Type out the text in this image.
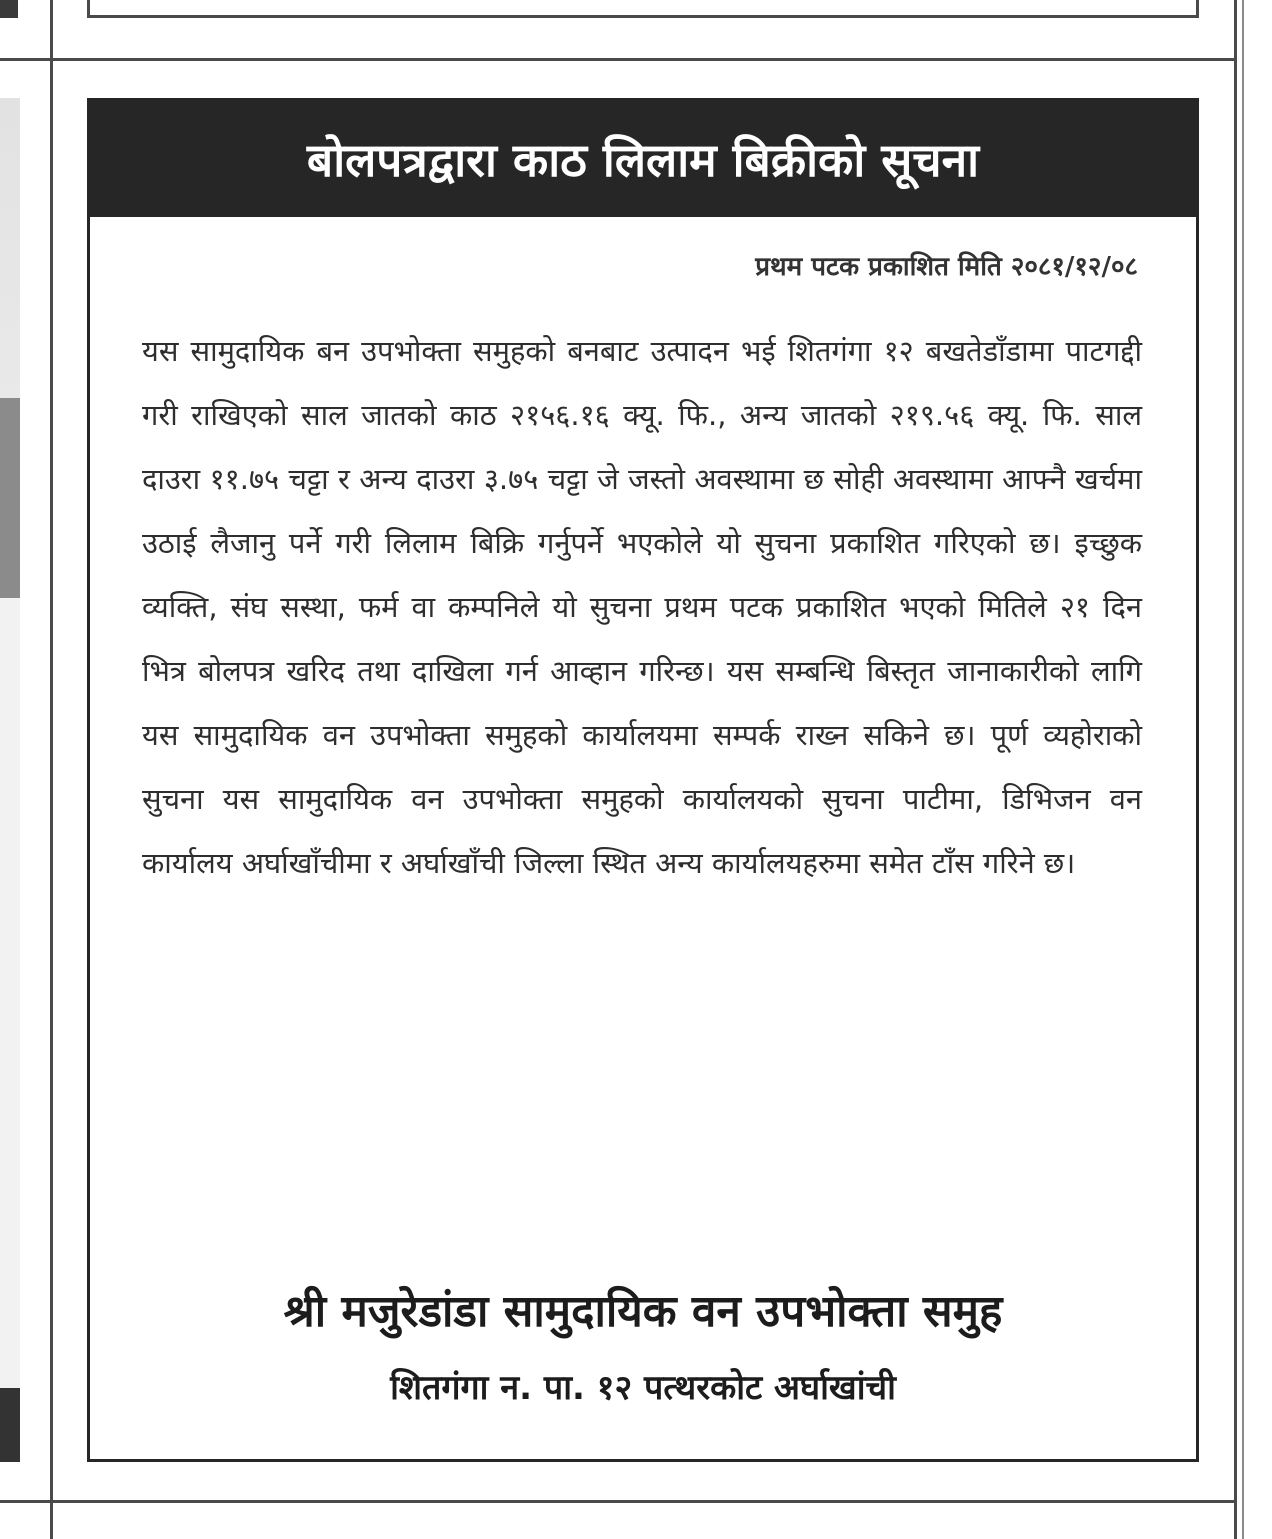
बोलपत्रद्वारा काठ लिलाम बिक्रीको सूचना
प्रथम पटक प्रकाशित मिति २०८१/१२/०८

यस सामुदायिक बन उपभोक्ता समुहको बनबाट उत्पादन भई शितगंगा १२ बखतेडाँडामा पाटगद्दी गरी राखिएको साल जातको काठ २१५६.१६ क्यू. फि., अन्य जातको २१९.५६ क्यू. फि. साल दाउरा ११.७५ चट्टा र अन्य दाउरा ३.७५ चट्टा जे जस्तो अवस्थामा छ सोही अवस्थामा आफ्नै खर्चमा उठाई लैजानु पर्ने गरी लिलाम बिक्रि गर्नुपर्ने भएकोले यो सुचना प्रकाशित गरिएको छ। इच्छुक व्यक्ति, संघ सस्था, फर्म वा कम्पनिले यो सुचना प्रथम पटक प्रकाशित भएको मितिले २१ दिन भित्र बोलपत्र खरिद तथा दाखिला गर्न आव्हान गरिन्छ। यस सम्बन्धि बिस्तृत जानाकारीको लागि यस सामुदायिक वन उपभोक्ता समुहको कार्यालयमा सम्पर्क राख्न सकिने छ। पूर्ण व्यहोराको सुचना यस सामुदायिक वन उपभोक्ता समुहको कार्यालयको सुचना पाटीमा, डिभिजन वन कार्यालय अर्घाखाँचीमा र अर्घाखाँची जिल्ला स्थित अन्य कार्यालयहरुमा समेत टाँस गरिने छ।

श्री मजुरेडांडा सामुदायिक वन उपभोक्ता समुह
शितगंगा न. पा. १२ पत्थरकोट अर्घाखांची
